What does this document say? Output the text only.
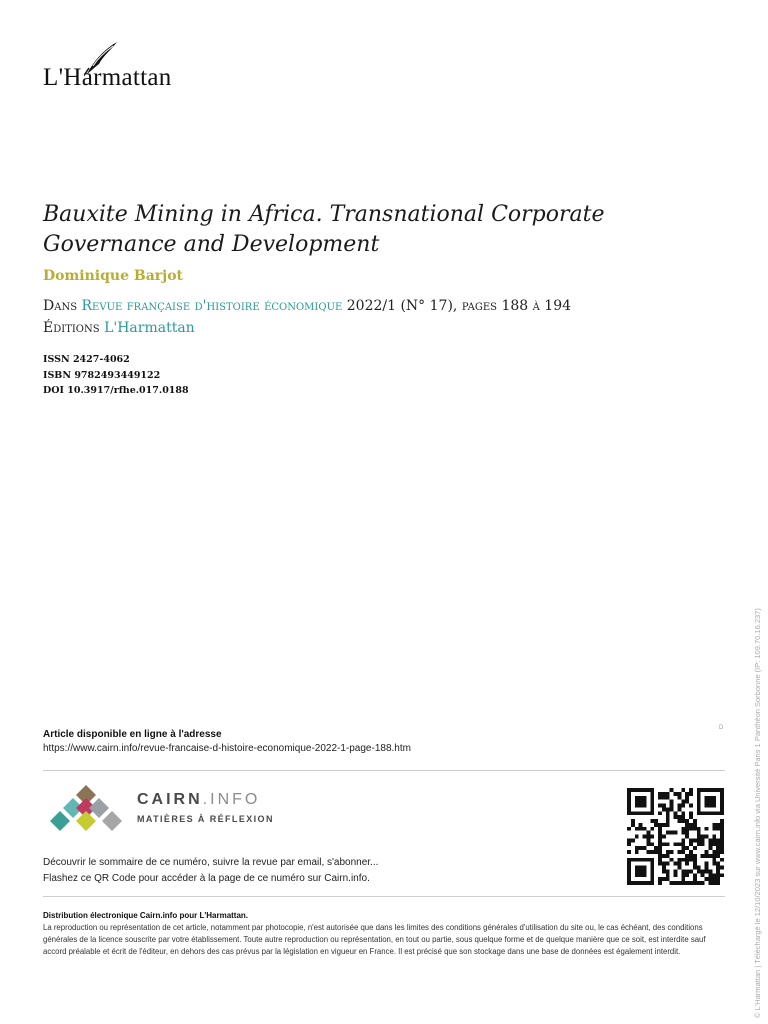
L'Harmattan
Bauxite Mining in Africa. Transnational Corporate Governance and Development
Dominique Barjot
Dans Revue française d'histoire économique 2022/1 (N° 17), pages 188 à 194
Éditions L'Harmattan
ISSN 2427-4062
ISBN 9782493449122
DOI 10.3917/rfhe.017.0188
Article disponible en ligne à l'adresse
https://www.cairn.info/revue-francaise-d-histoire-economique-2022-1-page-188.htm
D
CAIRN.INFO
MATIÈRES À RÉFLEXION
Découvrir le sommaire de ce numéro, suivre la revue par email, s'abonner...
Flashez ce QR Code pour accéder à la page de ce numéro sur Cairn.info.
Distribution électronique Cairn.info pour L'Harmattan.

La reproduction ou représentation de cet article, notamment par photocopie, n'est autorisée que dans les limites des conditions générales d'utilisation du site ou, le cas échéant, des conditions générales de la licence souscrite par votre établissement. Toute autre reproduction ou représentation, en tout ou partie, sous quelque forme et de quelque manière que ce soit, est interdite sauf accord préalable et écrit de l'éditeur, en dehors des cas prévus par la législation en vigueur en France. Il est précisé que son stockage dans une base de données est également interdit.	© L'Harmattan | Téléchargé le 12/10/2023 sur www.cairn.info via Université Paris 1 Panthéon Sorbonne (IP: 109.70.16.237)
